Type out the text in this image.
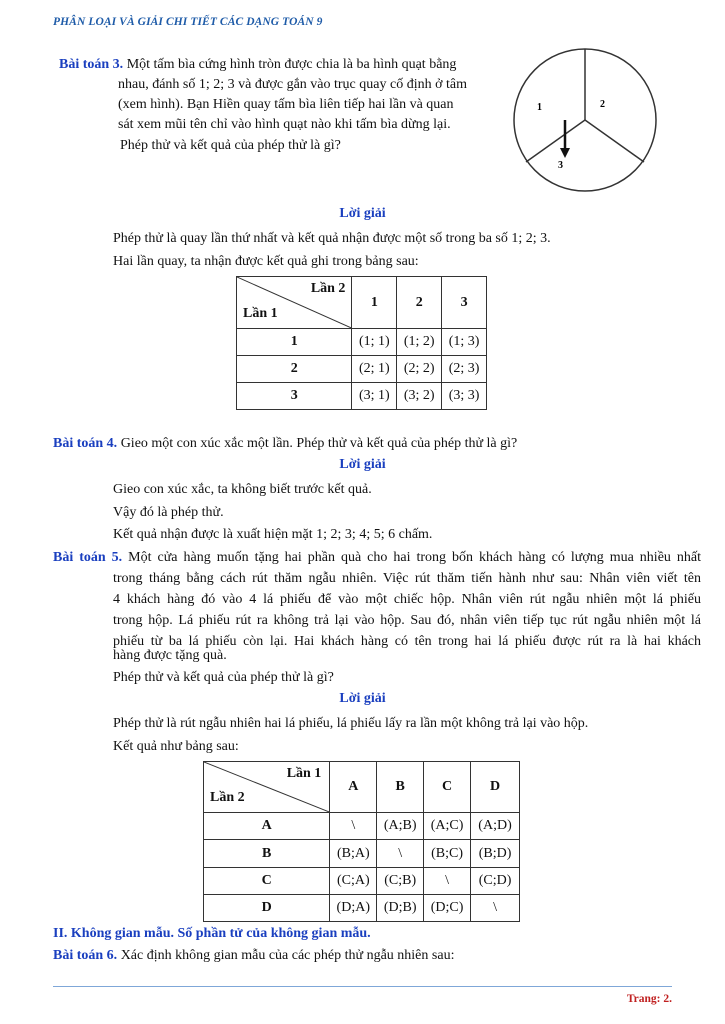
PHÂN LOẠI VÀ GIẢI CHI TIẾT CÁC DẠNG TOÁN 9
Bài toán 3. Một tấm bìa cứng hình tròn được chia là ba hình quạt bằng
nhau, đánh số 1; 2; 3 và được gắn vào trục quay cố định ở tâm
(xem hình). Bạn Hiền quay tấm bìa liên tiếp hai lần và quan
sát xem mũi tên chỉ vào hình quạt nào khi tấm bìa dừng lại.
Phép thử và kết quả của phép thử là gì?
1	2
3
Lời giải
Phép thử là quay lần thứ nhất và kết quả nhận được một số trong ba số 1; 2; 3.
Hai lần quay, ta nhận được kết quả ghi trong bảng sau:
Lần 2
Lần 1	1	2	3
1	(1; 1)	(1; 2)	(1; 3)
2	(2; 1)	(2; 2)	(2; 3)
3	(3; 1)	(3; 2)	(3; 3)
Bài toán 4. Gieo một con xúc xắc một lần. Phép thử và kết quả của phép thử là gì?
Lời giải
Gieo con xúc xắc, ta không biết trước kết quả.
Vậy đó là phép thử.
Kết quả nhận được là xuất hiện mặt 1; 2; 3; 4; 5; 6 chấm.
Bài toán 5. Một cửa hàng muốn tặng hai phần quà cho hai trong bốn khách hàng có lượng mua nhiều nhất
trong tháng bằng cách rút thăm ngẫu nhiên. Việc rút thăm tiến hành như sau: Nhân viên viết tên
4 khách hàng đó vào 4 lá phiếu để vào một chiếc hộp. Nhân viên rút ngẫu nhiên một lá phiếu
trong hộp. Lá phiếu rút ra không trả lại vào hộp. Sau đó, nhân viên tiếp tục rút ngẫu nhiên một lá
phiếu từ ba lá phiếu còn lại. Hai khách hàng có tên trong hai lá phiếu được rút ra là hai khách
hàng được tặng quà.
Phép thử và kết quả của phép thử là gì?
Lời giải
Phép thử là rút ngẫu nhiên hai lá phiếu, lá phiếu lấy ra lần một không trả lại vào hộp.
Kết quả như bảng sau:
Lần 1
Lần 2	A	B	C	D
A	\	(A;B)	(A;C)	(A;D)
B	(B;A)	\	(B;C)	(B;D)
C	(C;A)	(C;B)	\	(C;D)
D	(D;A)	(D;B)	(D;C)	\
II. Không gian mẫu. Số phần tử của không gian mẫu.
Bài toán 6. Xác định không gian mẫu của các phép thử ngẫu nhiên sau:
Trang: 2.
